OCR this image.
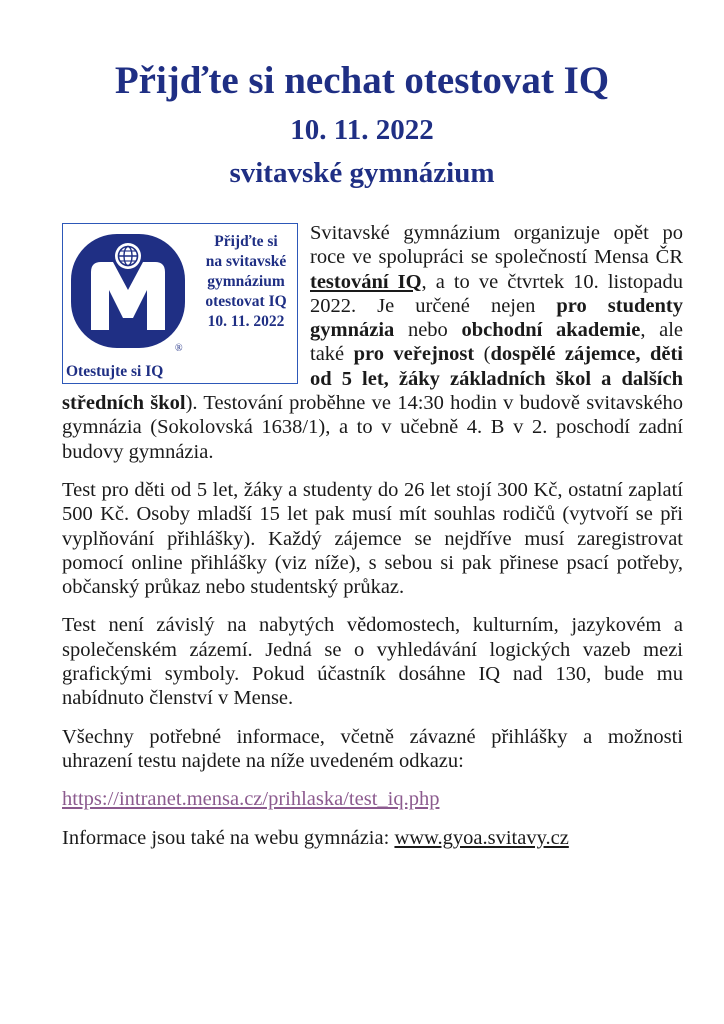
Přijďte si nechat otestovat IQ
10. 11. 2022
svitavské gymnázium

®
Přijďte si
na svitavské
gymnázium
otestovat IQ
10. 11. 2022
Otestujte si IQ
Svitavské gymnázium organizuje opět po roce ve spolupráci se společností Mensa ČR testování IQ, a to ve čtvrtek 10. listopadu 2022. Je určené nejen pro studenty gymnázia nebo obchodní akademie, ale také pro veřejnost (dospělé zájemce, děti od 5 let, žáky základních škol a dalších středních škol). Testování proběhne ve 14:30 hodin v budově svitavského gymnázia (Sokolovská 1638/1), a to v učebně 4. B v 2. poschodí zadní budovy gymnázia.

Test pro děti od 5 let, žáky a studenty do 26 let stojí 300 Kč, ostatní zaplatí 500 Kč. Osoby mladší 15 let pak musí mít souhlas rodičů (vytvoří se při vyplňování přihlášky). Každý zájemce se nejdříve musí zaregistrovat pomocí online přihlášky (viz níže), s sebou si pak přinese psací potřeby, občanský průkaz nebo studentský průkaz.

Test není závislý na nabytých vědomostech, kulturním, jazykovém a společenském zázemí. Jedná se o vyhledávání logických vazeb mezi grafickými symboly. Pokud účastník dosáhne IQ nad 130, bude mu nabídnuto členství v Mense.

Všechny potřebné informace, včetně závazné přihlášky a možnosti uhrazení testu najdete na níže uvedeném odkazu:

https://intranet.mensa.cz/prihlaska/test_iq.php

Informace jsou také na webu gymnázia: www.gyoa.svitavy.cz
